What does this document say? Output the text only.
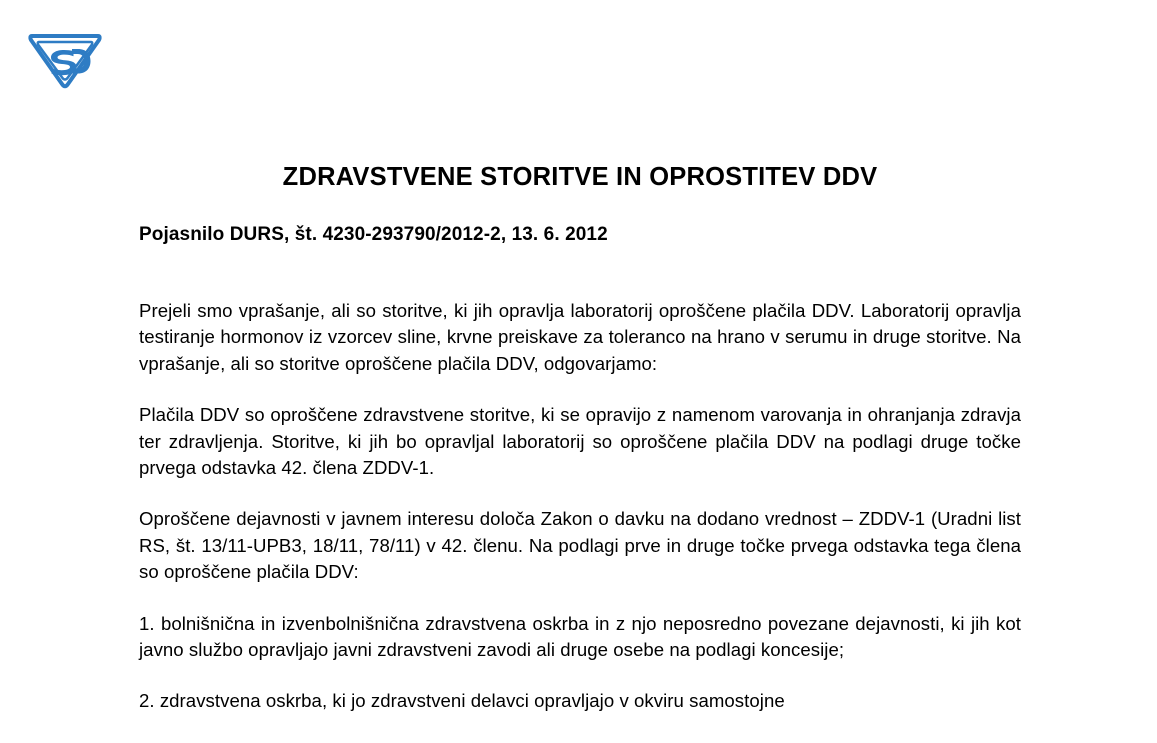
ZDRAVSTVENE STORITVE IN OPROSTITEV DDV
Pojasnilo DURS, št. 4230-293790/2012-2, 13. 6. 2012

Prejeli smo vprašanje, ali so storitve, ki jih opravlja laboratorij oproščene plačila DDV. Laboratorij opravlja testiranje hormonov iz vzorcev sline, krvne preiskave za toleranco na hrano v serumu in druge storitve. Na vprašanje, ali so storitve oproščene plačila DDV, odgovarjamo:

Plačila DDV so oproščene zdravstvene storitve, ki se opravijo z namenom varovanja in ohranjanja zdravja ter zdravljenja. Storitve, ki jih bo opravljal laboratorij so oproščene plačila DDV na podlagi druge točke prvega odstavka 42. člena ZDDV-1.

Oproščene dejavnosti v javnem interesu določa Zakon o davku na dodano vrednost – ZDDV-1 (Uradni list RS, št. 13/11-UPB3, 18/11, 78/11) v 42. členu. Na podlagi prve in druge točke prvega odstavka tega člena so oproščene plačila DDV:

1. bolnišnična in izvenbolnišnična zdravstvena oskrba in z njo neposredno povezane dejavnosti, ki jih kot javno službo opravljajo javni zdravstveni zavodi ali druge osebe na podlagi koncesije;

2. zdravstvena oskrba, ki jo zdravstveni delavci opravljajo v okviru samostojne
